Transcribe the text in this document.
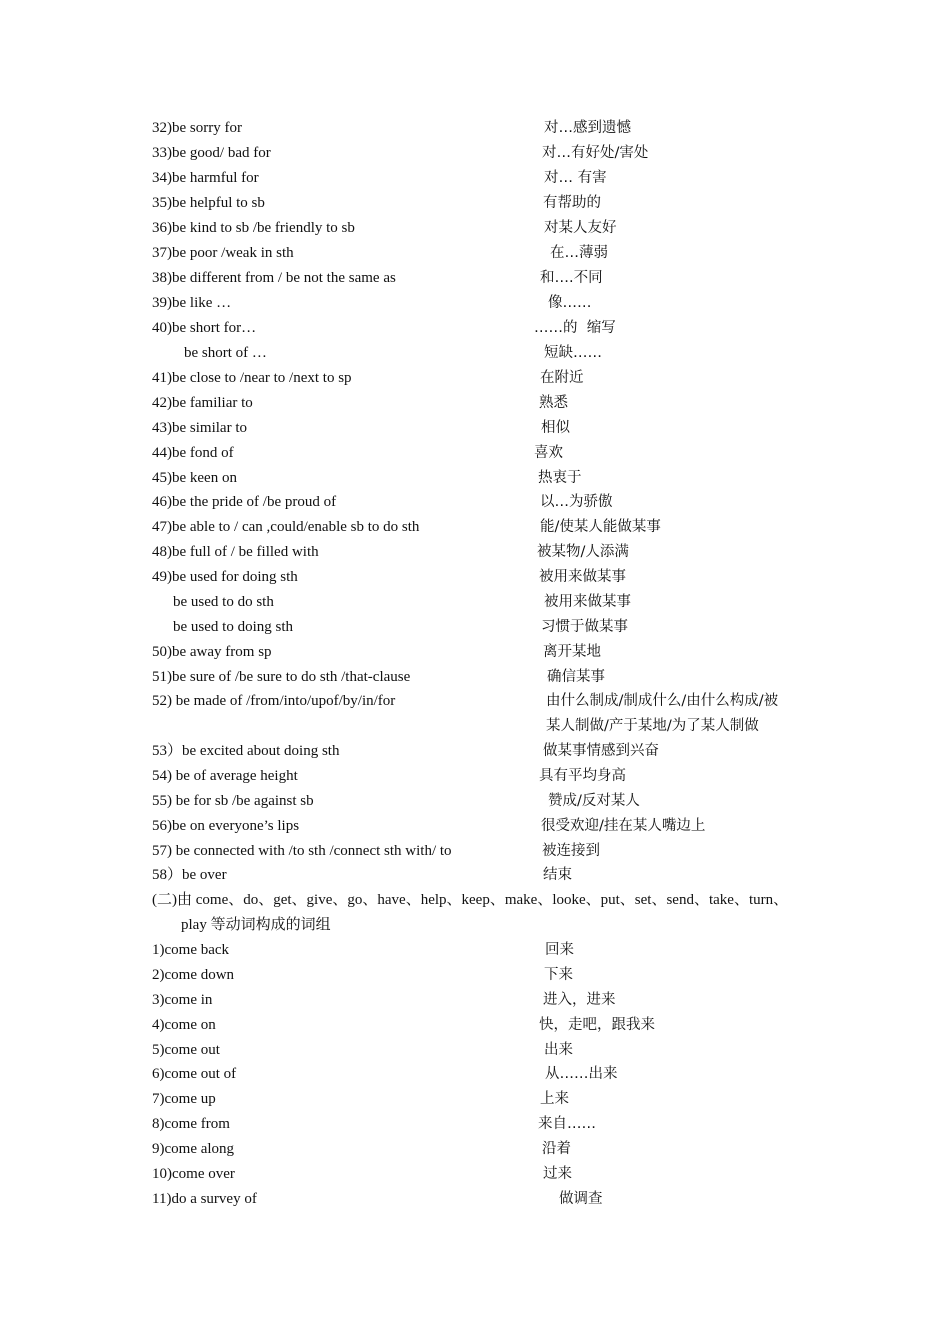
32)be sorry for	对…感到遗憾
33)be good/ bad for	对…有好处/害处
34)be harmful for	对… 有害
35)be helpful to sb	有帮助的
36)be kind to sb /be friendly to sb	对某人友好
37)be poor /weak in sth	在…薄弱
38)be different from / be not the same as	和….不同
39)be like …	像……
40)be short for…	……的  缩写
be short of …	短缺……
41)be close to /near to /next to sp	在附近
42)be familiar to	熟悉
43)be similar to	相似
44)be fond of	喜欢
45)be keen on	热衷于
46)be the pride of /be proud of	以…为骄傲
47)be able to / can ,could/enable sb to do sth	能/使某人能做某事
48)be full of / be filled with	被某物/人添满
49)be used for doing sth	被用来做某事
be used to do sth	被用来做某事
be used to doing sth	习惯于做某事
50)be away from sp	离开某地
51)be sure of /be sure to do sth /that-clause	确信某事
52) be made of /from/into/upof/by/in/for	由什么制成/制成什么/由什么构成/被
某人制做/产于某地/为了某人制做
53）be excited about doing sth	做某事情感到兴奋
54) be of average height	具有平均身高
55) be for sb /be against sb	赞成/反对某人
56)be on everyone’s lips	很受欢迎/挂在某人嘴边上
57) be connected with /to sth /connect sth with/ to	被连接到
58）be over	结束
(二)由 come、do、get、give、go、have、help、keep、make、looke、put、set、send、take、turn、
play 等动词构成的词组
1)come back	回来
2)come down	下来
3)come in	进入，进来
4)come on	快，走吧，跟我来
5)come out	出来
6)come out of	从……出来
7)come up	上来
8)come from	来自……
9)come along	沿着
10)come over	过来
11)do a survey of	做调查
